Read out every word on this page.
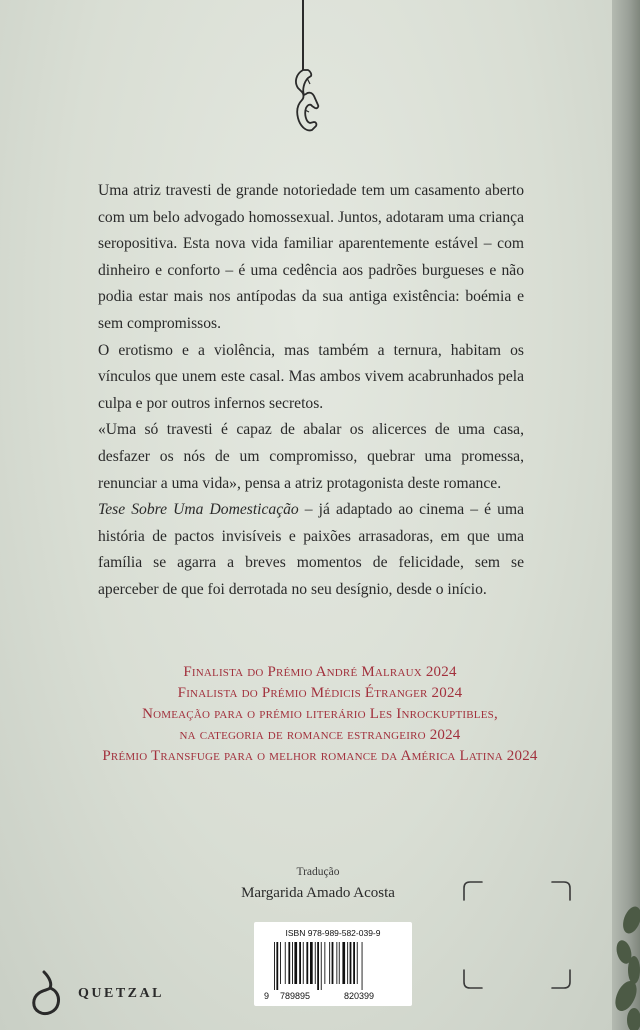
Uma atriz travesti de grande notoriedade tem um casamento aberto com um belo advogado homossexual. Juntos, adotaram uma criança seropositiva. Esta nova vida familiar aparentemente estável – com dinheiro e conforto – é uma cedência aos padrões burgueses e não podia estar mais nos antípodas da sua antiga existência: boémia e sem compromissos.

O erotismo e a violência, mas também a ternura, habitam os vínculos que unem este casal. Mas ambos vivem acabrunhados pela culpa e por outros infernos secretos.

«Uma só travesti é capaz de abalar os alicerces de uma casa, desfazer os nós de um compromisso, quebrar uma promessa, renunciar a uma vida», pensa a atriz protagonista deste romance.

Tese Sobre Uma Domesticação – já adaptado ao cinema – é uma história de pactos invisíveis e paixões arrasadoras, em que uma família se agarra a breves momentos de felicidade, sem se aperceber de que foi derrotada no seu desígnio, desde o início.

Finalista do Prémio André Malraux 2024
Finalista do Prémio Médicis Étranger 2024
Nomeação para o prémio literário Les Inrockuptibles,
na categoria de romance estrangeiro 2024
Prémio Transfuge para o melhor romance da América Latina 2024
Tradução
Margarida Amado Acosta
ISBN 978-989-582-039-9
9 789895	820399
QUETZAL
